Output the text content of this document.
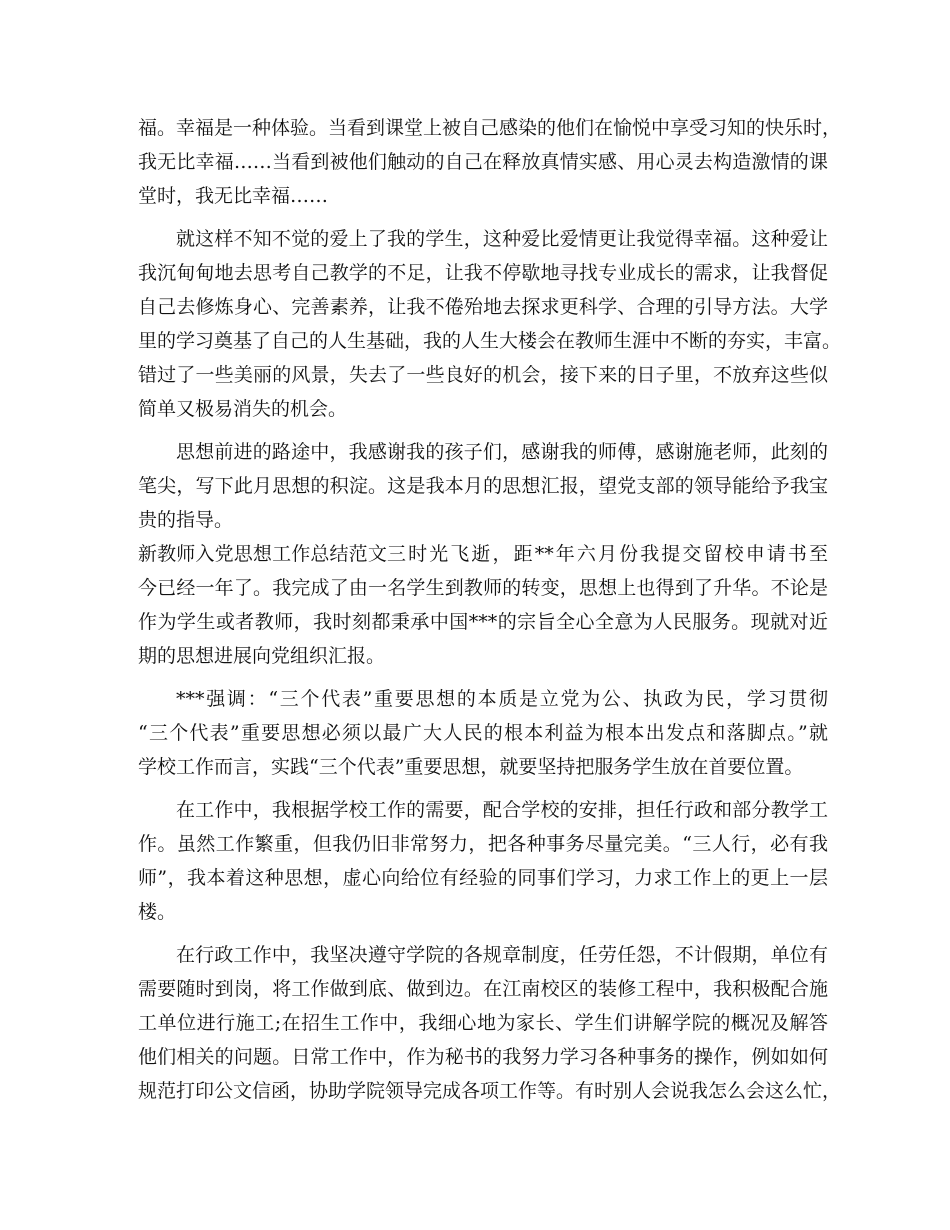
福。幸福是一种体验。当看到课堂上被自己感染的他们在愉悦中享受习知的快乐时，
我无比幸福……当看到被他们触动的自己在释放真情实感、用心灵去构造激情的课
堂时，我无比幸福……
就这样不知不觉的爱上了我的学生，这种爱比爱情更让我觉得幸福。这种爱让
我沉甸甸地去思考自己教学的不足，让我不停歇地寻找专业成长的需求，让我督促
自己去修炼身心、完善素养，让我不倦殆地去探求更科学、合理的引导方法。大学
里的学习奠基了自己的人生基础，我的人生大楼会在教师生涯中不断的夯实，丰富。
错过了一些美丽的风景，失去了一些良好的机会，接下来的日子里，不放弃这些似
简单又极易消失的机会。
思想前进的路途中，我感谢我的孩子们，感谢我的师傅，感谢施老师，此刻的
笔尖，写下此月思想的积淀。这是我本月的思想汇报，望党支部的领导能给予我宝
贵的指导。
新教师入党思想工作总结范文三时光飞逝，距**年六月份我提交留校申请书至
今已经一年了。我完成了由一名学生到教师的转变，思想上也得到了升华。不论是
作为学生或者教师，我时刻都秉承中国***的宗旨全心全意为人民服务。现就对近
期的思想进展向党组织汇报。
***强调：“三个代表”重要思想的本质是立党为公、执政为民，学习贯彻
“三个代表”重要思想必须以最广大人民的根本利益为根本出发点和落脚点。”就
学校工作而言，实践“三个代表”重要思想，就要坚持把服务学生放在首要位置。
在工作中，我根据学校工作的需要，配合学校的安排，担任行政和部分教学工
作。虽然工作繁重，但我仍旧非常努力，把各种事务尽量完美。“三人行，必有我
师”，我本着这种思想，虚心向给位有经验的同事们学习，力求工作上的更上一层
楼。
在行政工作中，我坚决遵守学院的各规章制度，任劳任怨，不计假期，单位有
需要随时到岗，将工作做到底、做到边。在江南校区的装修工程中，我积极配合施
工单位进行施工;在招生工作中，我细心地为家长、学生们讲解学院的概况及解答
他们相关的问题。日常工作中，作为秘书的我努力学习各种事务的操作，例如如何
规范打印公文信函，协助学院领导完成各项工作等。有时别人会说我怎么会这么忙，
